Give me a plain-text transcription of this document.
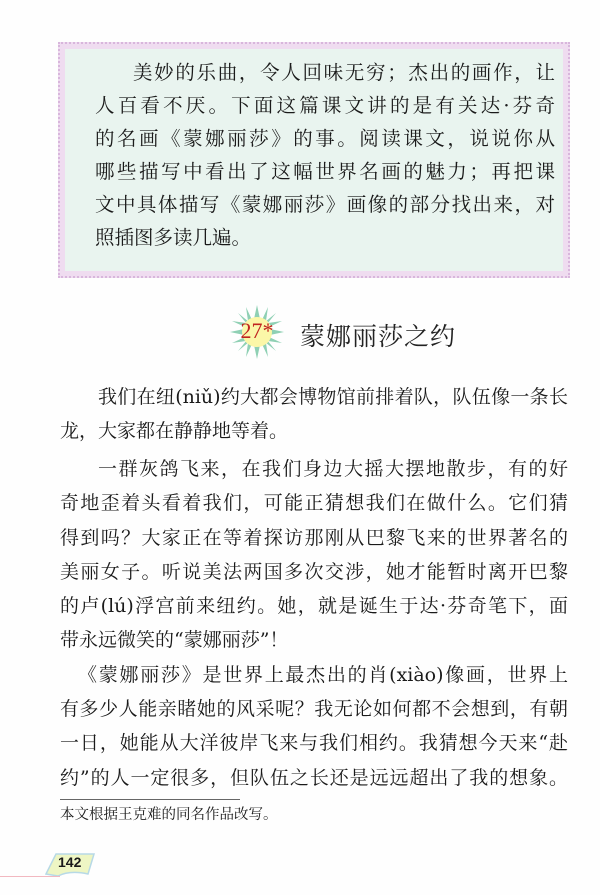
美妙的乐曲，令人回味无穷；杰出的画作，让
人百看不厌。下面这篇课文讲的是有关达·芬奇
的名画《蒙娜丽莎》的事。阅读课文，说说你从
哪些描写中看出了这幅世界名画的魅力；再把课
文中具体描写《蒙娜丽莎》画像的部分找出来，对
照插图多读几遍。
27*	蒙娜丽莎之约
我们在纽(niǔ)约大都会博物馆前排着队，队伍像一条长
龙，大家都在静静地等着。
一群灰鸽飞来，在我们身边大摇大摆地散步，有的好
奇地歪着头看着我们，可能正猜想我们在做什么。它们猜
得到吗？大家正在等着探访那刚从巴黎飞来的世界著名的
美丽女子。听说美法两国多次交涉，她才能暂时离开巴黎
的卢(lú)浮宫前来纽约。她，就是诞生于达·芬奇笔下，面
带永远微笑的“蒙娜丽莎”！
《蒙娜丽莎》是世界上最杰出的肖(xiào)像画，世界上
有多少人能亲睹她的风采呢？我无论如何都不会想到，有朝
一日，她能从大洋彼岸飞来与我们相约。我猜想今天来“赴
约”的人一定很多，但队伍之长还是远远超出了我的想象。
本文根据王克难的同名作品改写。
142
